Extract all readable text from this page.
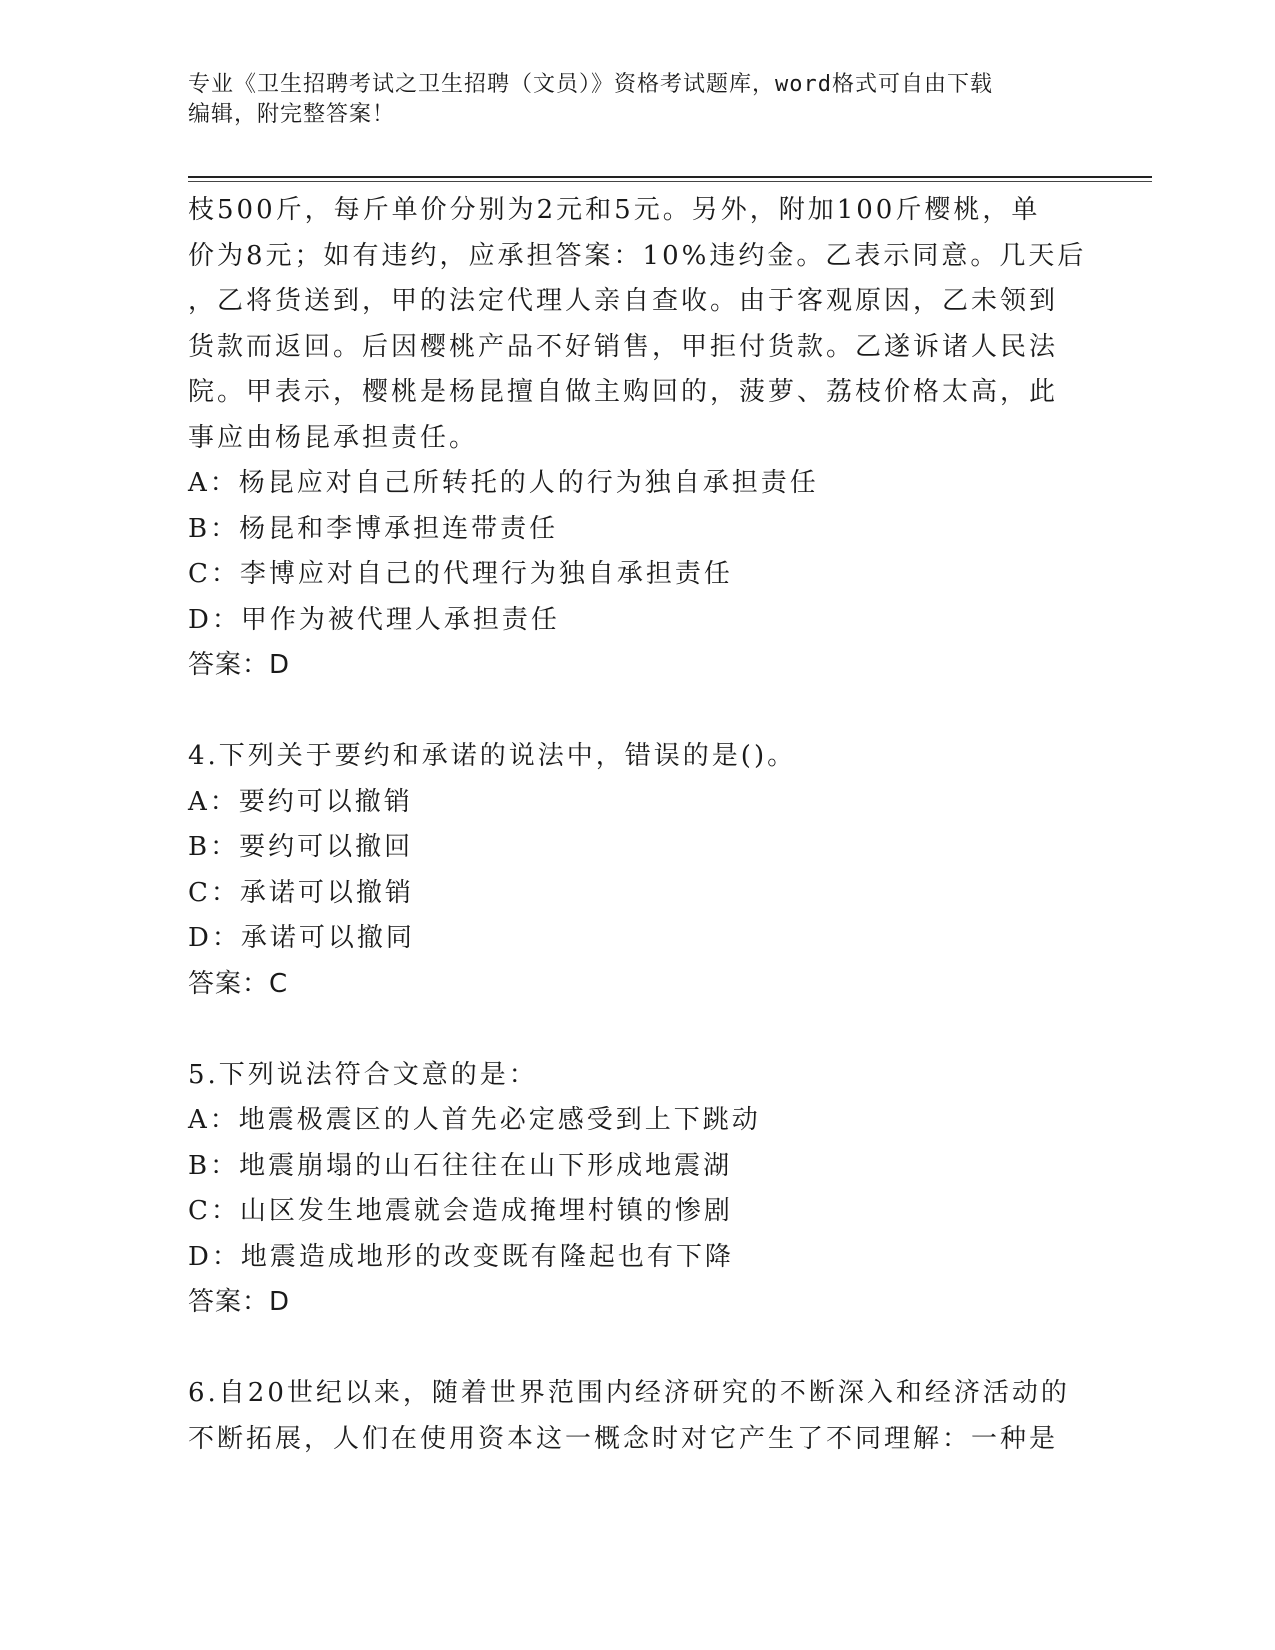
专业《卫生招聘考试之卫生招聘（文员）》资格考试题库，word格式可自由下载
编辑，附完整答案！
枝500斤，每斤单价分别为2元和5元。另外，附加100斤樱桃，单
价为8元；如有违约，应承担答案：10%违约金。乙表示同意。几天后
，乙将货送到，甲的法定代理人亲自查收。由于客观原因，乙未领到
货款而返回。后因樱桃产品不好销售，甲拒付货款。乙遂诉诸人民法
院。甲表示，樱桃是杨昆擅自做主购回的，菠萝、荔枝价格太高，此
事应由杨昆承担责任。
A：杨昆应对自己所转托的人的行为独自承担责任
B：杨昆和李博承担连带责任
C：李博应对自己的代理行为独自承担责任
D：甲作为被代理人承担责任
答案：D
4.下列关于要约和承诺的说法中，错误的是()。
A：要约可以撤销
B：要约可以撤回
C：承诺可以撤销
D：承诺可以撤同
答案：C
5.下列说法符合文意的是：
A：地震极震区的人首先必定感受到上下跳动
B：地震崩塌的山石往往在山下形成地震湖
C：山区发生地震就会造成掩埋村镇的惨剧
D：地震造成地形的改变既有隆起也有下降
答案：D
6.自20世纪以来，随着世界范围内经济研究的不断深入和经济活动的
不断拓展，人们在使用资本这一概念时对它产生了不同理解：一种是
